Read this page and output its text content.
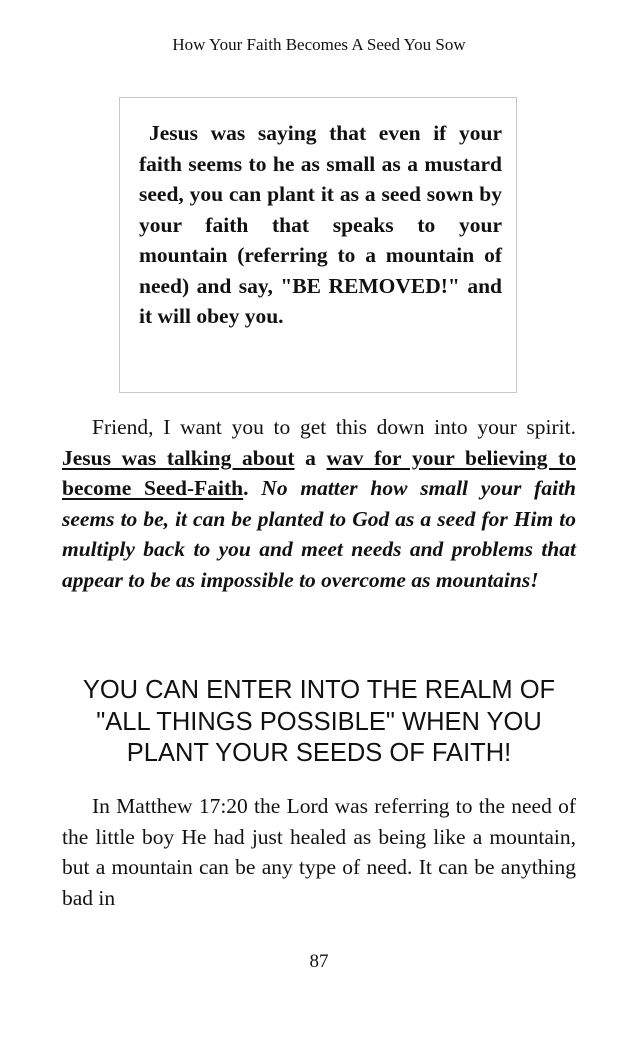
How Your Faith Becomes A Seed You Sow

Jesus was saying that even if your faith seems to he as small as a mustard seed, you can plant it as a seed sown by your faith that speaks to your mountain (referring to a mountain of need) and say, "BE REMOVED!" and it will obey you.

Friend, I want you to get this down into your spirit. Jesus was talking about a wav for your believing to become Seed-Faith. No matter how small your faith seems to be, it can be planted to God as a seed for Him to multiply back to you and meet needs and problems that appear to be as impossible to overcome as mountains!

YOU CAN ENTER INTO THE REALM OF "ALL THINGS POSSIBLE" WHEN YOU PLANT YOUR SEEDS OF FAITH!

In Matthew 17:20 the Lord was referring to the need of the little boy He had just healed as being like a mountain, but a mountain can be any type of need. It can be anything bad in

87
